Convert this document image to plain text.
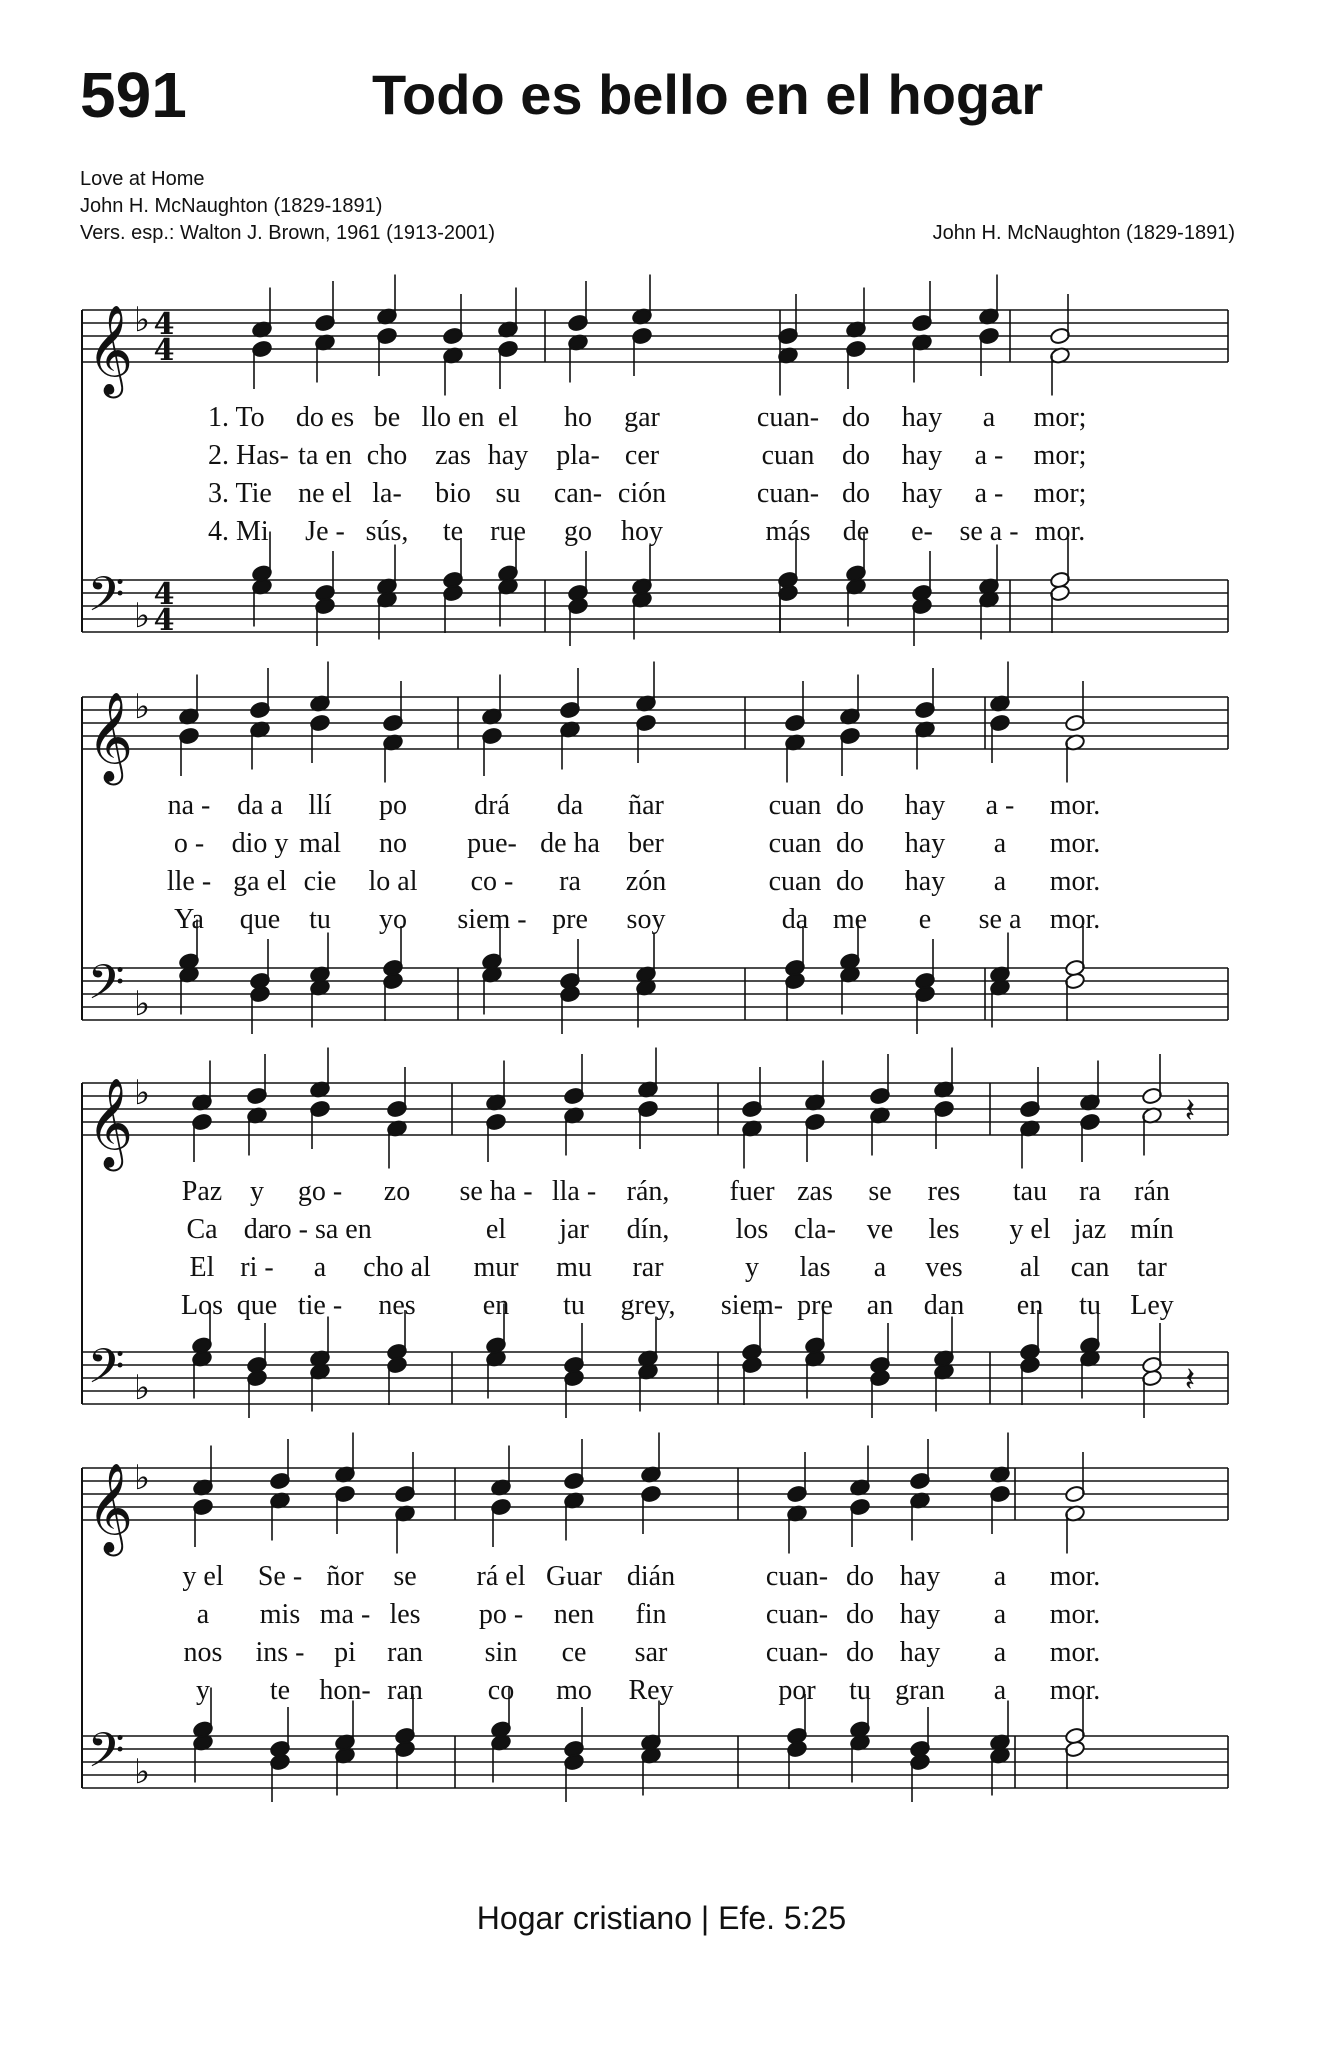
591	Todo es bello en el hogar
Love at Home
John H. McNaughton (1829-1891)
Vers. esp.: Walton J. Brown, 1961 (1913-2001)	John H. McNaughton (1829-1891)
𝄞 ♭ 4
4
𝄢 ♭
4
4
𝄞 ♭
𝄢 ♭
𝄞 ♭
𝄢 ♭
𝄽
𝄽
𝄞 ♭
𝄢 ♭
1. To do es be llo en el ho gar	cuan- do hay a mor;
2. Has- ta en cho zas hay pla- cer	cuan do hay a - mor;
3. Tie ne el la- bio su can- ción	cuan- do hay a - mor;
4. Mi Je - sús, te rue go hoy	más de e- se a - mor.
na - da a llí po drá da ñar	cuan do hay a - mor.
o - dio y mal no pue- de ha ber	cuan do hay a mor.
lle - ga el cie lo al co - ra zón	cuan do hay a mor.
Ya que tu yo siem - pre soy	da me e se a mor.
Paz y go - zo se ha - lla - rán, fuer zas se res tau ra rán
Ca da
ro - sa en	el jar dín, los cla- ve les y el jaz mín
El ri - a cho al mur mu rar	y las a ves al can tar
Los que tie - nes en tu grey, siem- pre an dan en tu Ley
y el Se - ñor se rá el Guar dián	cuan- do hay a mor.
a mis ma - les po - nen fin	cuan- do hay a mor.
nos ins - pi ran sin ce sar	cuan- do hay a mor.
y te hon- ran co mo Rey	por tu gran a mor.
Hogar cristiano | Efe. 5:25
